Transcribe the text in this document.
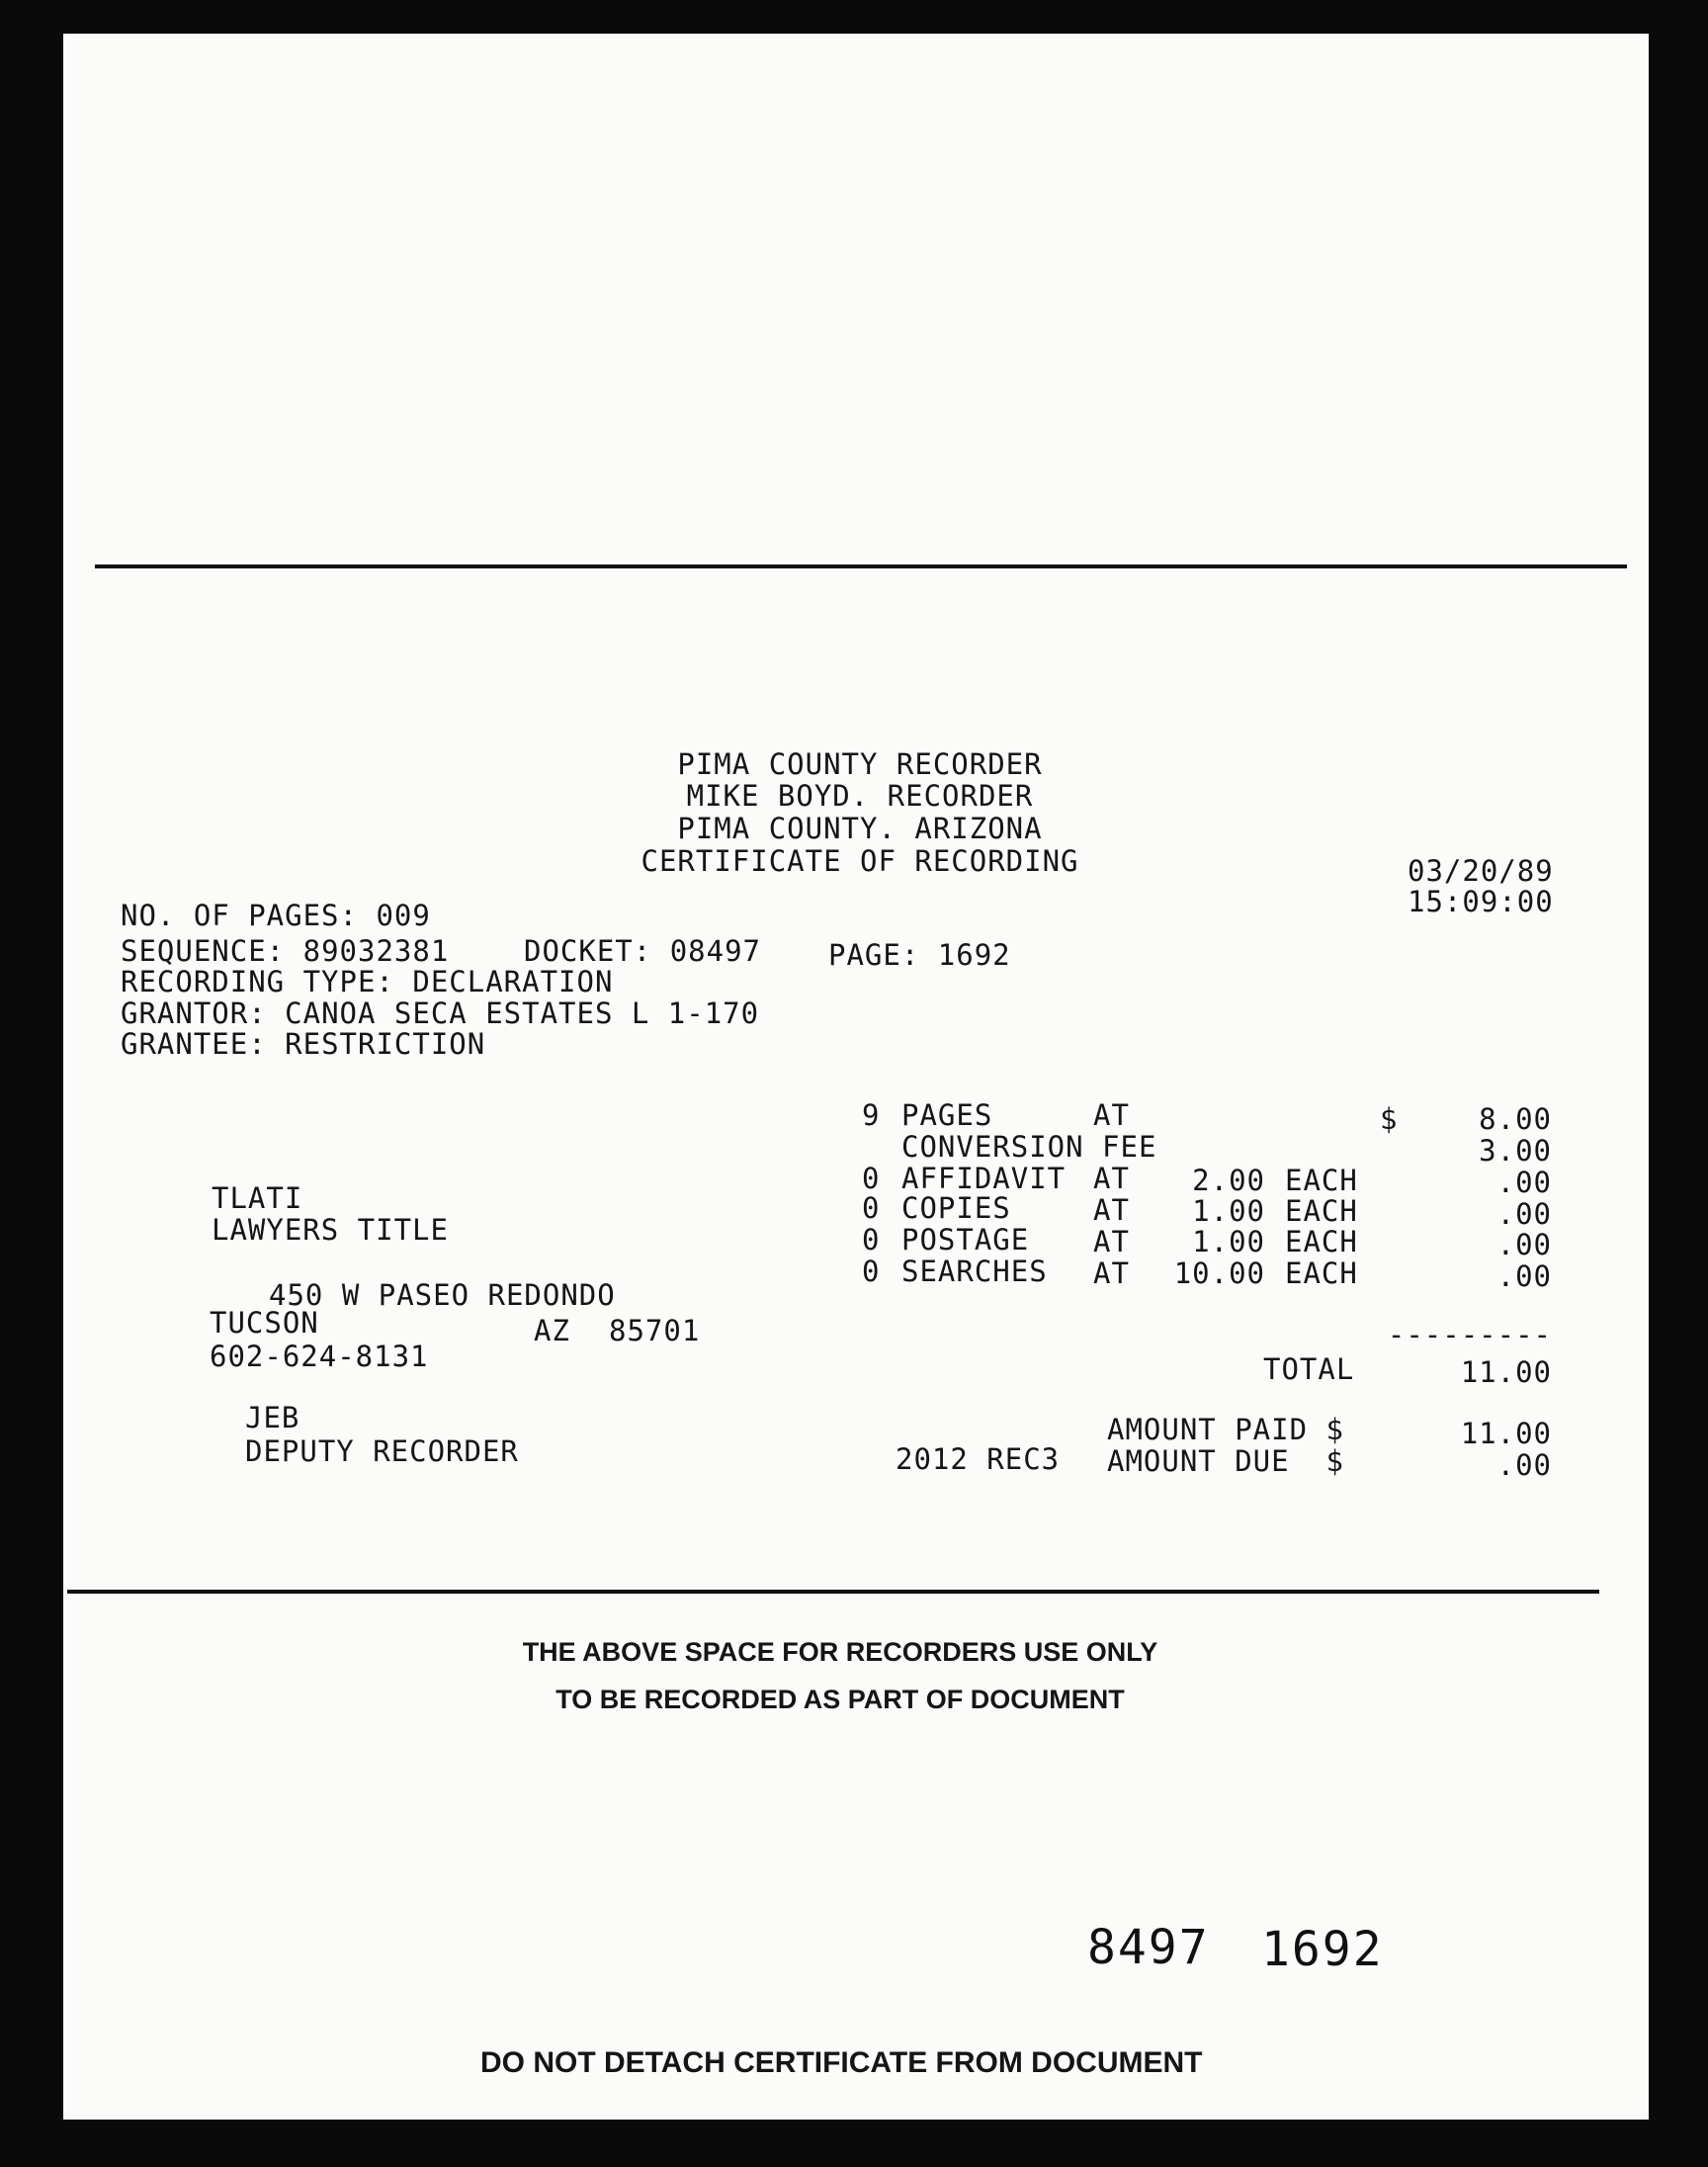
PIMA COUNTY RECORDER
MIKE BOYD. RECORDER
PIMA COUNTY. ARIZONA
CERTIFICATE OF RECORDING	03/20/89
15:09:00
NO. OF PAGES: 009
SEQUENCE: 89032381	DOCKET: 08497 PAGE: 1692
RECORDING TYPE: DECLARATION
GRANTOR: CANOA SECA ESTATES L 1-170
GRANTEE: RESTRICTION
9 PAGES	AT	$	8.00
CONVERSION FEE	3.00
0 AFFIDAVIT AT	2.00 EACH	.00
0 COPIES	AT	1.00 EACH	.00
0 POSTAGE AT	1.00 EACH	.00
0 SEARCHES AT	10.00 EACH	.00
---------
TOTAL	11.00
AMOUNT PAID $	11.00
2012 REC3 AMOUNT DUE  $	.00
TLATI
LAWYERS TITLE
450 W PASEO REDONDO
TUCSON	AZ 85701
602-624-8131
JEB
DEPUTY RECORDER
THE ABOVE SPACE FOR RECORDERS USE ONLY
TO BE RECORDED AS PART OF DOCUMENT
8497 1692
DO NOT DETACH CERTIFICATE FROM DOCUMENT
